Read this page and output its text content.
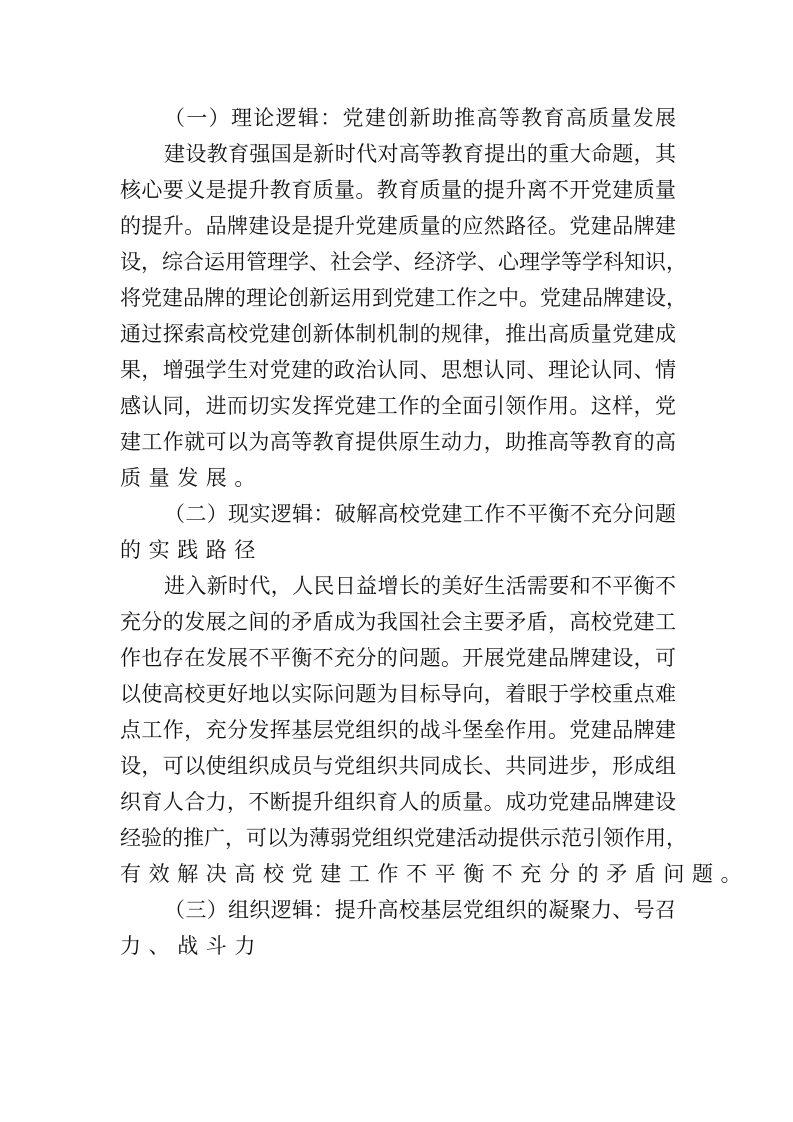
（一）理论逻辑：党建创新助推高等教育高质量发展
建设教育强国是新时代对高等教育提出的重大命题，其
核心要义是提升教育质量。教育质量的提升离不开党建质量
的提升。品牌建设是提升党建质量的应然路径。党建品牌建
设，综合运用管理学、社会学、经济学、心理学等学科知识，
将党建品牌的理论创新运用到党建工作之中。党建品牌建设，
通过探索高校党建创新体制机制的规律，推出高质量党建成
果，增强学生对党建的政治认同、思想认同、理论认同、情
感认同，进而切实发挥党建工作的全面引领作用。这样，党
建工作就可以为高等教育提供原生动力，助推高等教育的高
质量发展。
（二）现实逻辑：破解高校党建工作不平衡不充分问题
的实践路径
进入新时代，人民日益增长的美好生活需要和不平衡不
充分的发展之间的矛盾成为我国社会主要矛盾，高校党建工
作也存在发展不平衡不充分的问题。开展党建品牌建设，可
以使高校更好地以实际问题为目标导向，着眼于学校重点难
点工作，充分发挥基层党组织的战斗堡垒作用。党建品牌建
设，可以使组织成员与党组织共同成长、共同进步，形成组
织育人合力，不断提升组织育人的质量。成功党建品牌建设
经验的推广，可以为薄弱党组织党建活动提供示范引领作用，
有效解决高校党建工作不平衡不充分的矛盾问题。
（三）组织逻辑：提升高校基层党组织的凝聚力、号召
力、战斗力
